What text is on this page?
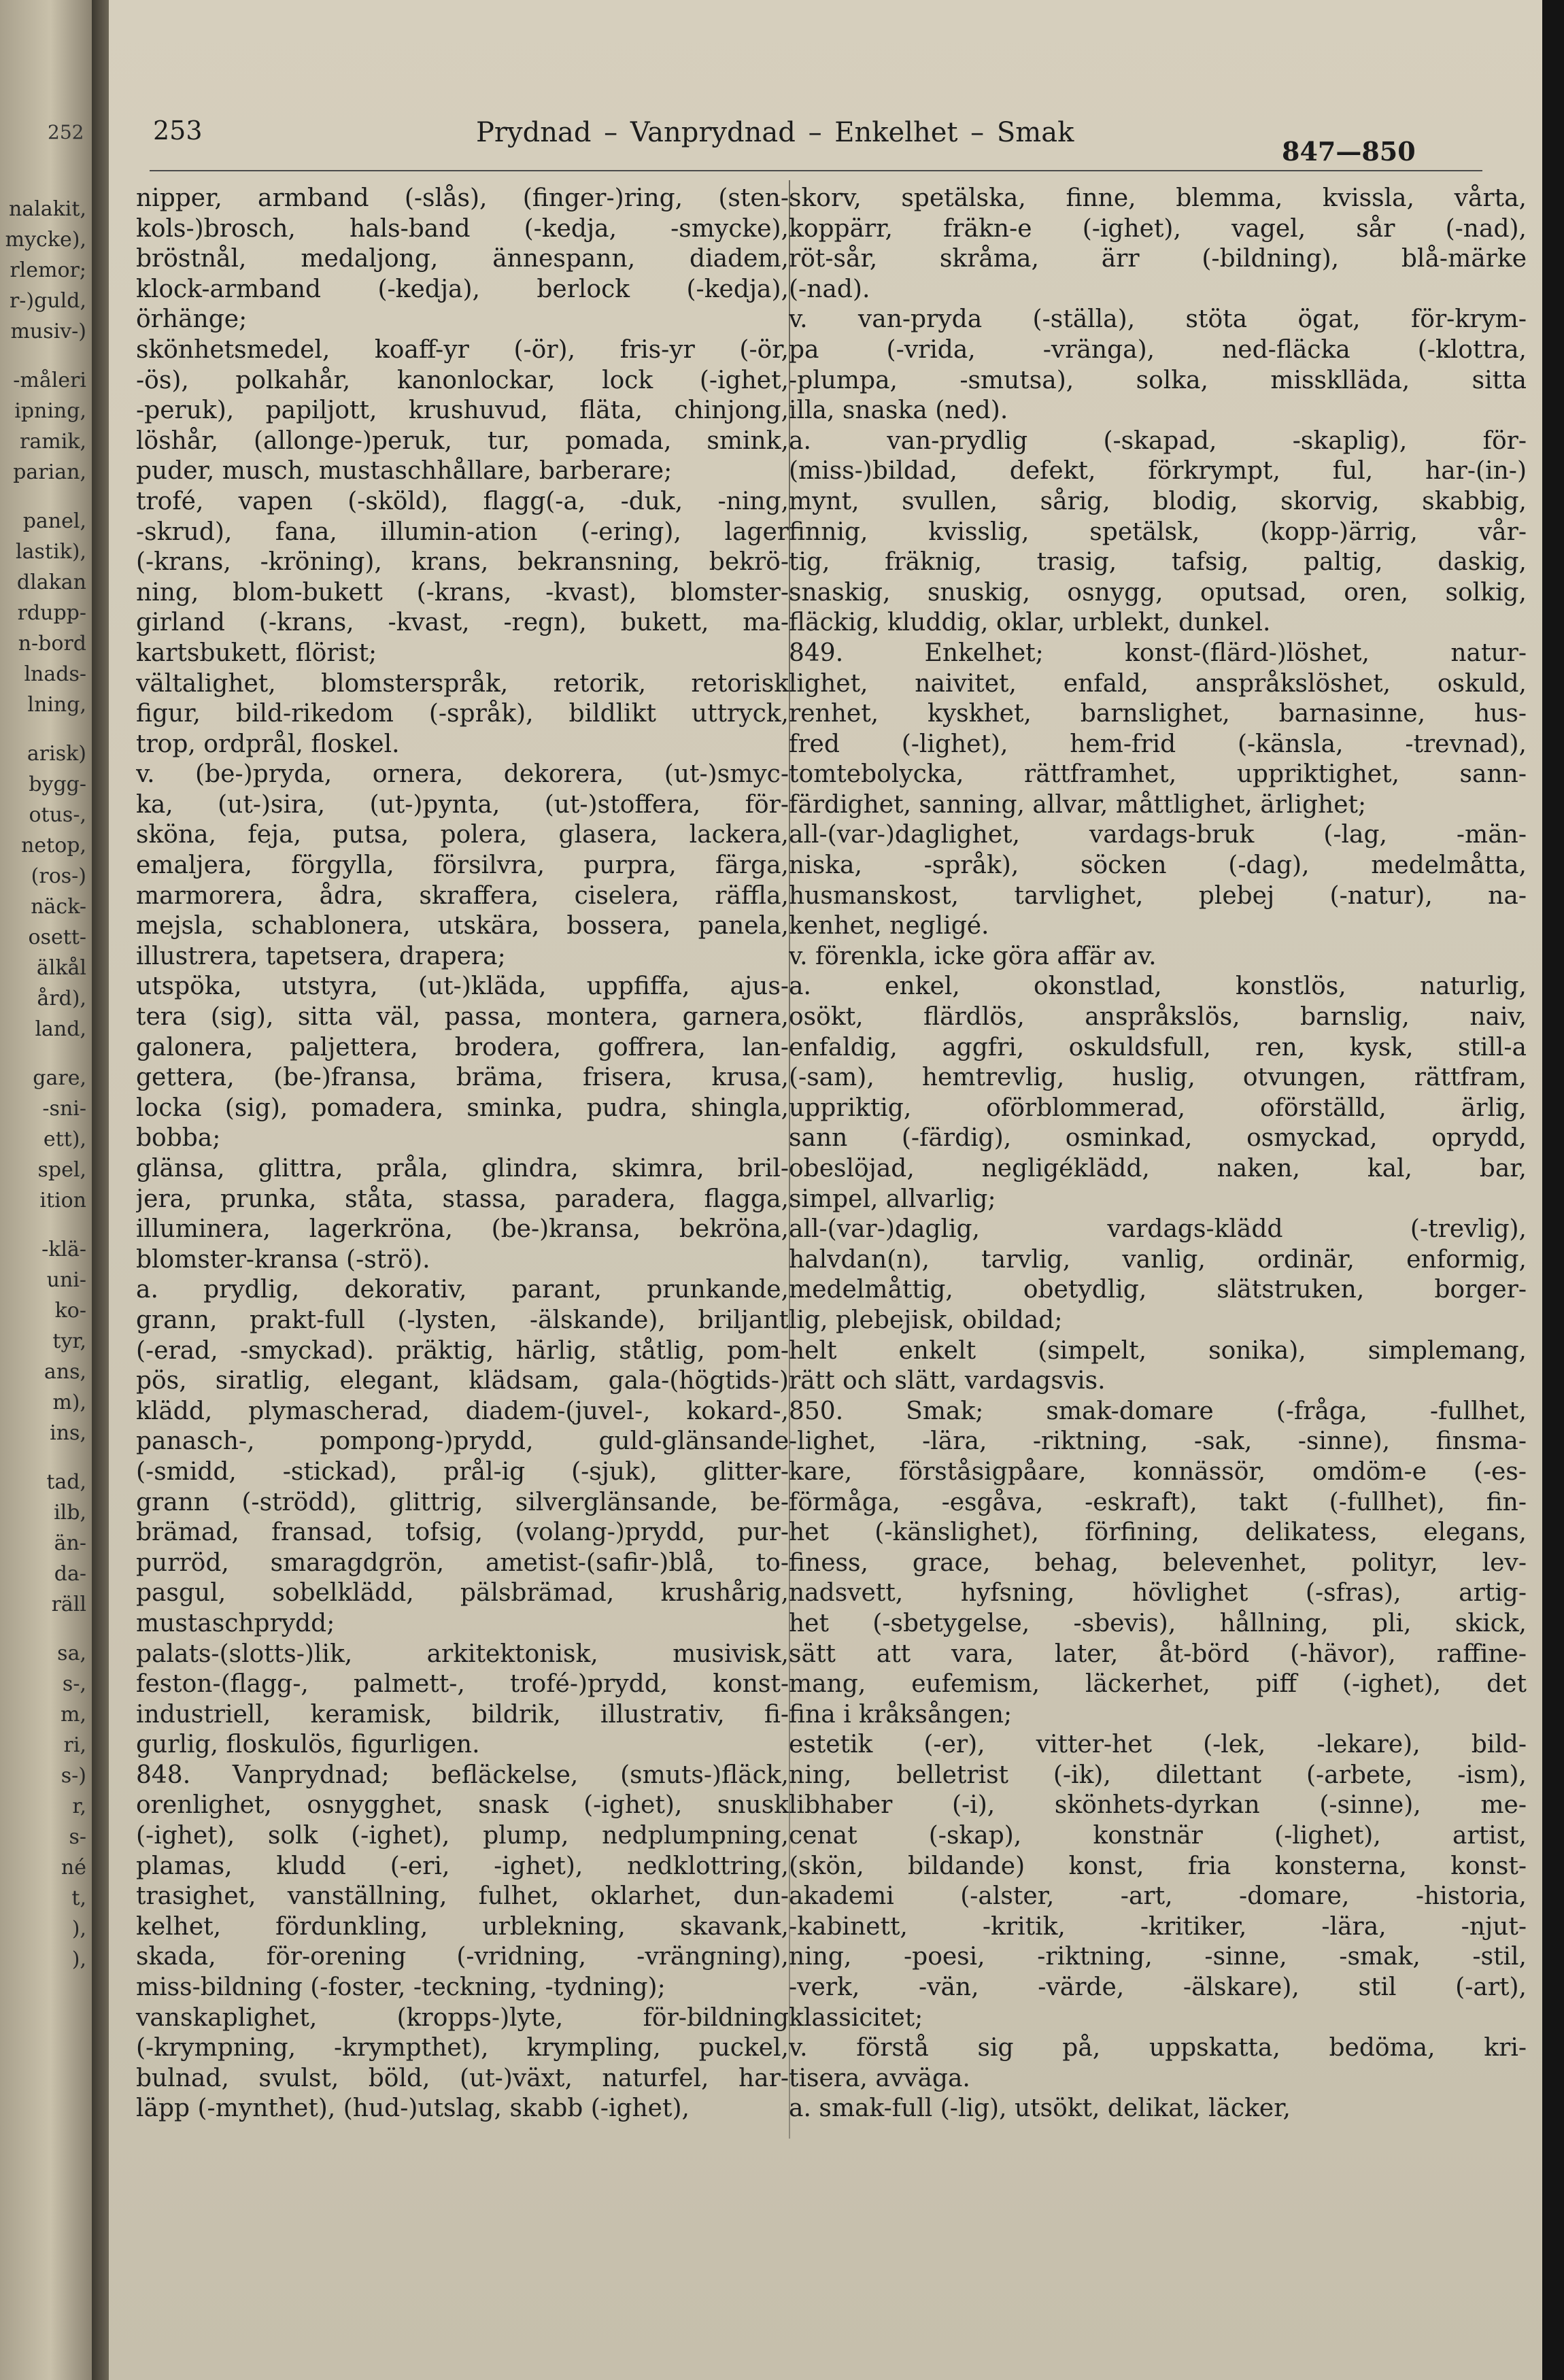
252
nalakit,
mycke),
rlemor;
r-)guld,
musiv-)
-måleri
ipning,
ramik,
parian,
panel,
lastik),
dlakan
rdupp-
n-bord
lnads-
lning,
arisk)
bygg-
otus-,
netop,
(ros-)
näck-
osett-
älkål
ård),
land,
gare,
-sni-
ett),
spel,
ition
-klä-
uni-
ko-
tyr,
ans,
m),
ins,
tad,
ilb,
än-
da-
räll
sa,
s-,
m,
ri,
s-)
r,
s-
né
t,
),
),
253	Prydnad – Vanprydnad – Enkelhet – Smak
847—850
nipper, armband (-slås), (finger-)ring, (sten-
kols-)brosch, hals-band (-kedja, -smycke),
bröstnål, medaljong, ännespann, diadem,
klock-armband (-kedja), berlock (-kedja),
örhänge;
skönhetsmedel, koaff-yr (-ör), fris-yr (-ör,
-ös), polkahår, kanonlockar, lock (-ighet,
-peruk), papiljott, krushuvud, fläta, chinjong,
löshår, (allonge-)peruk, tur, pomada, smink,
puder, musch, mustaschhållare, barberare;
trofé, vapen (-sköld), flagg(-a, -duk, -ning,
-skrud), fana, illumin-ation (-ering), lager
(-krans, -kröning), krans, bekransning, bekrö-
ning, blom-bukett (-krans, -kvast), blomster-
girland (-krans, -kvast, -regn), bukett, ma-
kartsbukett, flörist;
vältalighet, blomsterspråk, retorik, retorisk
figur, bild-rikedom (-språk), bildlikt uttryck,
trop, ordprål, floskel.
v. (be-)pryda, ornera, dekorera, (ut-)smyc-
ka, (ut-)sira, (ut-)pynta, (ut-)stoffera, för-
sköna, feja, putsa, polera, glasera, lackera,
emaljera, förgylla, försilvra, purpra, färga,
marmorera, ådra, skraffera, ciselera, räffla,
mejsla, schablonera, utskära, bossera, panela,
illustrera, tapetsera, drapera;
utspöka, utstyra, (ut-)kläda, uppfiffa, ajus-
tera (sig), sitta väl, passa, montera, garnera,
galonera, paljettera, brodera, goffrera, lan-
gettera, (be-)fransa, bräma, frisera, krusa,
locka (sig), pomadera, sminka, pudra, shingla,
bobba;
glänsa, glittra, pråla, glindra, skimra, bril-
jera, prunka, ståta, stassa, paradera, flagga,
illuminera, lagerkröna, (be-)kransa, bekröna,
blomster-kransa (-strö).
a. prydlig, dekorativ, parant, prunkande,
grann, prakt-full (-lysten, -älskande), briljant
(-erad, -smyckad). präktig, härlig, ståtlig, pom-
pös, siratlig, elegant, klädsam, gala-(högtids-)
klädd, plymascherad, diadem-(juvel-, kokard-,
panasch-, pompong-)prydd, guld-glänsande
(-smidd, -stickad), prål-ig (-sjuk), glitter-
grann (-strödd), glittrig, silverglänsande, be-
brämad, fransad, tofsig, (volang-)prydd, pur-
purröd, smaragdgrön, ametist-(safir-)blå, to-
pasgul, sobelklädd, pälsbrämad, krushårig,
mustaschprydd;
palats-(slotts-)lik, arkitektonisk, musivisk,
feston-(flagg-, palmett-, trofé-)prydd, konst-
industriell, keramisk, bildrik, illustrativ, fi-
gurlig, floskulös, figurligen.
848. Vanprydnad; befläckelse, (smuts-)fläck,
orenlighet, osnygghet, snask (-ighet), snusk
(-ighet), solk (-ighet), plump, nedplumpning,
plamas, kludd (-eri, -ighet), nedklottring,
trasighet, vanställning, fulhet, oklarhet, dun-
kelhet, fördunkling, urblekning, skavank,
skada, för-orening (-vridning, -vrängning),
miss-bildning (-foster, -teckning, -tydning);
vanskaplighet, (kropps-)lyte, för-bildning
(-krympning, -krympthet), krympling, puckel,
bulnad, svulst, böld, (ut-)växt, naturfel, har-
läpp (-mynthet), (hud-)utslag, skabb (-ighet),
skorv, spetälska, finne, blemma, kvissla, vårta,
koppärr, fräkn-e (-ighet), vagel, sår (-nad),
röt-sår, skråma, ärr (-bildning), blå-märke
(-nad).
v. van-pryda (-ställa), stöta ögat, för-krym-
pa (-vrida, -vränga), ned-fläcka (-klottra,
-plumpa, -smutsa), solka, missklläda, sitta
illa, snaska (ned).
a. van-prydlig (-skapad, -skaplig), för-
(miss-)bildad, defekt, förkrympt, ful, har-(in-)
mynt, svullen, sårig, blodig, skorvig, skabbig,
finnig, kvisslig, spetälsk, (kopp-)ärrig, vår-
tig, fräknig, trasig, tafsig, paltig, daskig,
snaskig, snuskig, osnygg, oputsad, oren, solkig,
fläckig, kluddig, oklar, urblekt, dunkel.
849. Enkelhet; konst-(flärd-)löshet, natur-
lighet, naivitet, enfald, anspråkslöshet, oskuld,
renhet, kyskhet, barnslighet, barnasinne, hus-
fred (-lighet), hem-frid (-känsla, -trevnad),
tomtebolycka, rättframhet, uppriktighet, sann-
färdighet, sanning, allvar, måttlighet, ärlighet;
all-(var-)daglighet, vardags-bruk (-lag, -män-
niska, -språk), söcken (-dag), medelmåtta,
husmanskost, tarvlighet, plebej (-natur), na-
kenhet, negligé.
v. förenkla, icke göra affär av.
a. enkel, okonstlad, konstlös, naturlig,
osökt, flärdlös, anspråkslös, barnslig, naiv,
enfaldig, aggfri, oskuldsfull, ren, kysk, still-a
(-sam), hemtrevlig, huslig, otvungen, rättfram,
uppriktig, oförblommerad, oförställd, ärlig,
sann (-färdig), osminkad, osmyckad, oprydd,
obeslöjad, negligéklädd, naken, kal, bar,
simpel, allvarlig;
all-(var-)daglig, vardags-klädd (-trevlig),
halvdan(n), tarvlig, vanlig, ordinär, enformig,
medelmåttig, obetydlig, slätstruken, borger-
lig, plebejisk, obildad;
helt enkelt (simpelt, sonika), simplemang,
rätt och slätt, vardagsvis.
850. Smak; smak-domare (-fråga, -fullhet,
-lighet, -lära, -riktning, -sak, -sinne), finsma-
kare, förståsigpåare, konnässör, omdöm-e (-es-
förmåga, -esgåva, -eskraft), takt (-fullhet), fin-
het (-känslighet), förfining, delikatess, elegans,
finess, grace, behag, belevenhet, polityr, lev-
nadsvett, hyfsning, hövlighet (-sfras), artig-
het (-sbetygelse, -sbevis), hållning, pli, skick,
sätt att vara, later, åt-börd (-hävor), raffine-
mang, eufemism, läckerhet, piff (-ighet), det
fina i kråksången;
estetik (-er), vitter-het (-lek, -lekare), bild-
ning, belletrist (-ik), dilettant (-arbete, -ism),
libhaber (-i), skönhets-dyrkan (-sinne), me-
cenat (-skap), konstnär (-lighet), artist,
(skön, bildande) konst, fria konsterna, konst-
akademi (-alster, -art, -domare, -historia,
-kabinett, -kritik, -kritiker, -lära, -njut-
ning, -poesi, -riktning, -sinne, -smak, -stil,
-verk, -vän, -värde, -älskare), stil (-art),
klassicitet;
v. förstå sig på, uppskatta, bedöma, kri-
tisera, avväga.
a. smak-full (-lig), utsökt, delikat, läcker,
